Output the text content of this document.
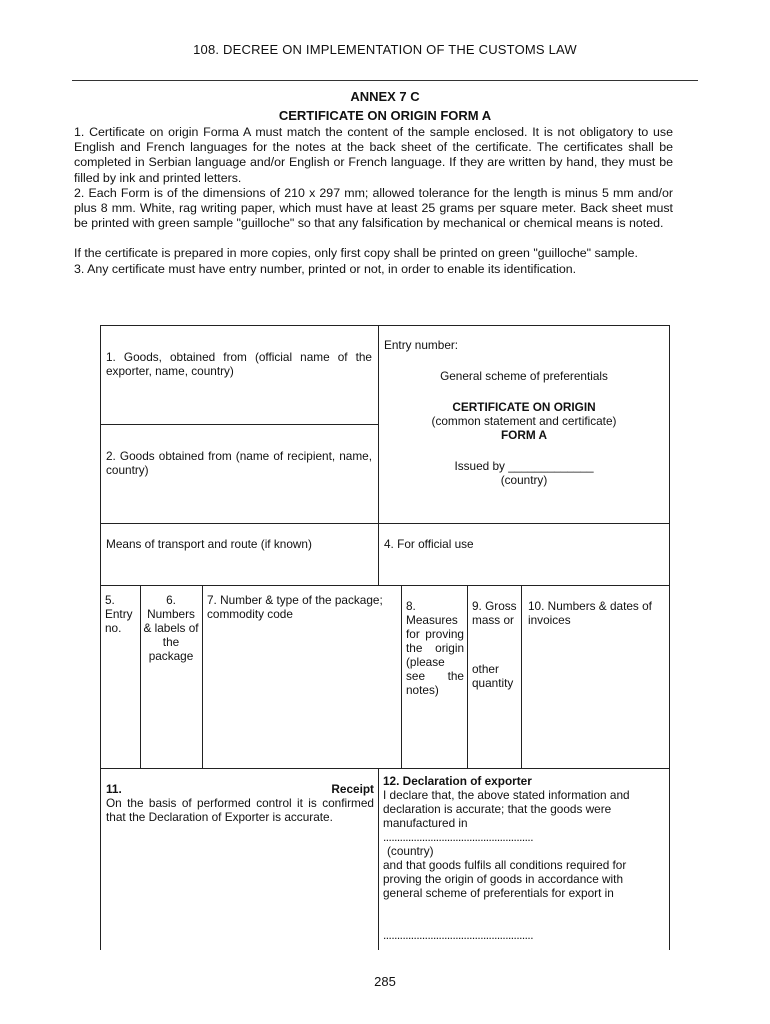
108. DECREE ON IMPLEMENTATION OF THE CUSTOMS LAW
ANNEX 7 C
CERTIFICATE ON ORIGIN FORM A

1. Certificate on origin Forma A must match the content of the sample enclosed. It is not obligatory to use English and French languages for the notes at the back sheet of the certificate. The certificates shall be completed in Serbian language and/or English or French language. If they are written by hand, they must be filled by ink and printed letters.

2. Each Form is of the dimensions of 210 x 297 mm; allowed tolerance for the length is minus 5 mm and/or plus 8 mm. White, rag writing paper, which must have at least 25 grams per square meter. Back sheet must be printed with green sample "guilloche" so that any falsification by mechanical or chemical means is noted.

If the certificate is prepared in more copies, only first copy shall be printed on green "guilloche" sample.

3. Any certificate must have entry number, printed or not, in order to enable its identification.

1. Goods, obtained from (official name of the exporter, name, country)
Entry number:
General scheme of preferentials
CERTIFICATE ON ORIGIN
(common statement and certificate)
FORM A
Issued by _____________
(country)
2. Goods obtained from (name of recipient, name, country)
Means of transport and route (if known)	4. For official use
5. Entry no.
6. Numbers & labels of the package
7. Number & type of the package; commodity code
8. Measures for proving the origin (please see the notes)
9. Gross mass or
other quantity
10. Numbers & dates of invoices
11.	Receipt
On the basis of performed control it is confirmed that the Declaration of Exporter is accurate.
12. Declaration of exporter
I declare that, the above stated information and declaration is accurate; that the goods were manufactured in
......................................................
(country)
and that goods fulfils all conditions required for proving the origin of goods in accordance with general scheme of preferentials for export in
......................................................
285
